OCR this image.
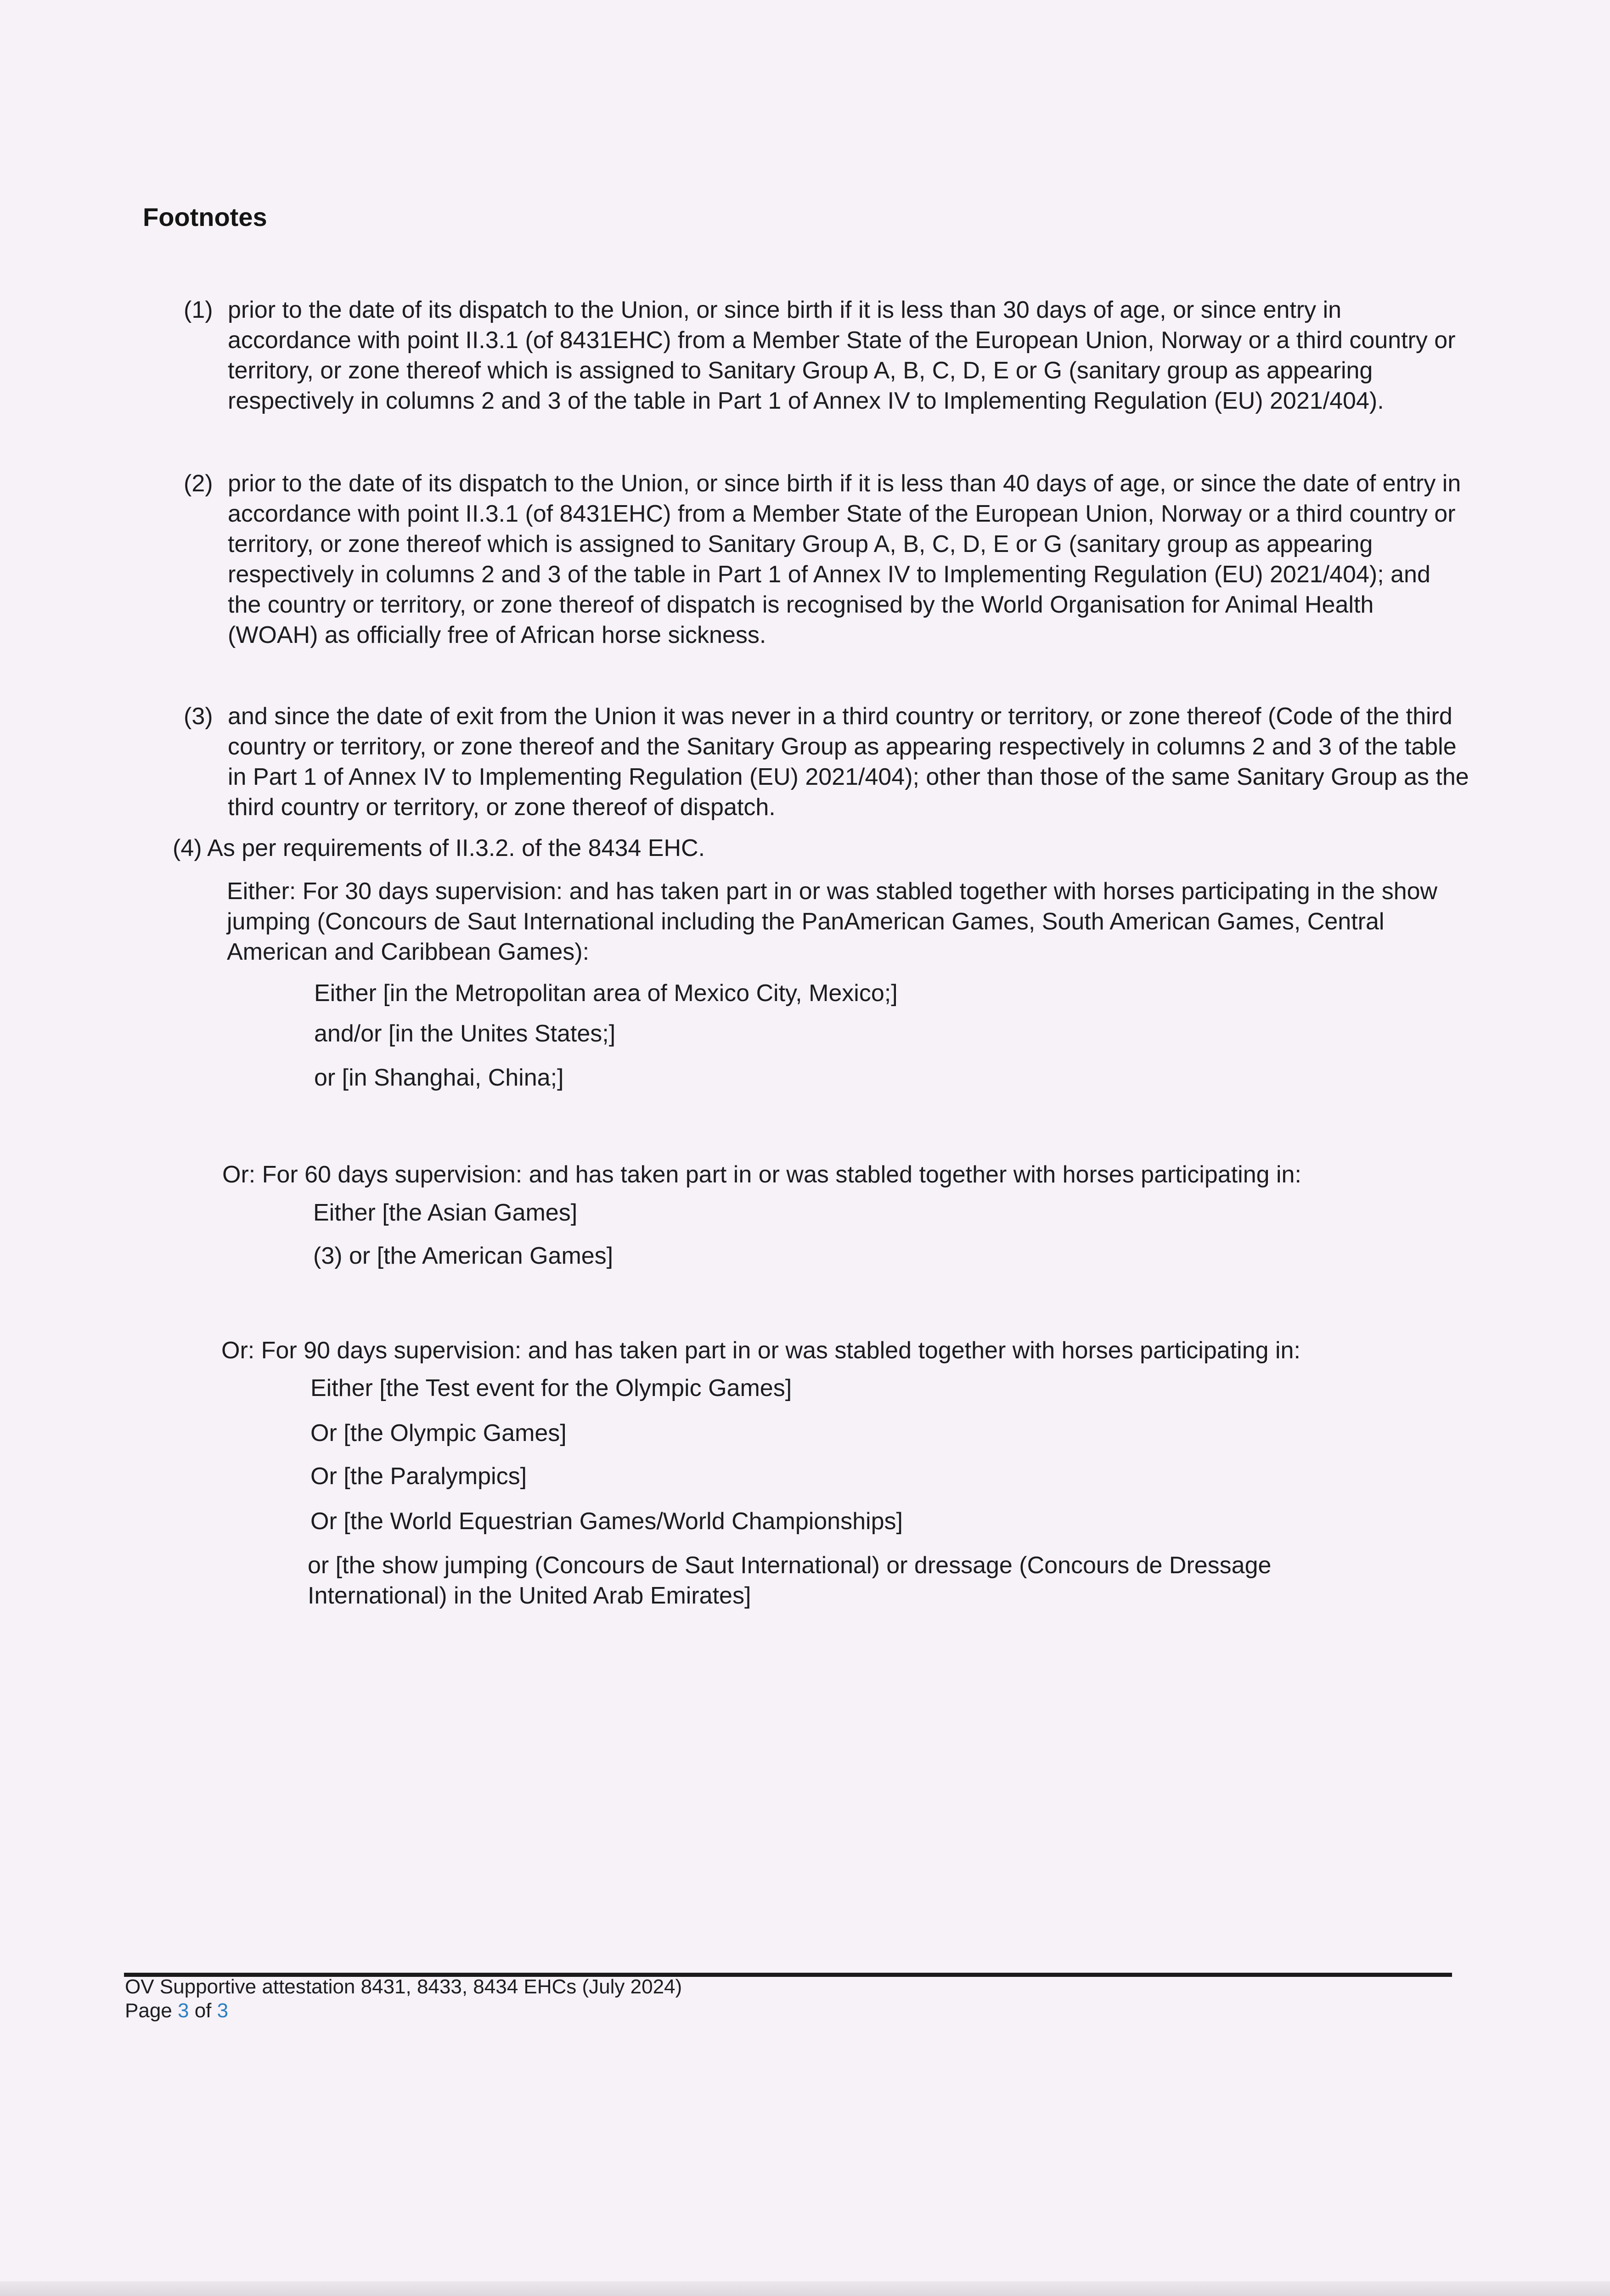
Footnotes
(1) prior to the date of its dispatch to the Union, or since birth if it is less than 30 days of age, or since entry in accordance with point II.3.1 (of 8431EHC) from a Member State of the European Union, Norway or a third country or territory, or zone thereof which is assigned to Sanitary Group A, B, C, D, E or G (sanitary group as appearing respectively in columns 2 and 3 of the table in Part 1 of Annex IV to Implementing Regulation (EU) 2021/404).
(2) prior to the date of its dispatch to the Union, or since birth if it is less than 40 days of age, or since the date of entry in accordance with point II.3.1 (of 8431EHC) from a Member State of the European Union, Norway or a third country or territory, or zone thereof which is assigned to Sanitary Group A, B, C, D, E or G (sanitary group as appearing respectively in columns 2 and 3 of the table in Part 1 of Annex IV to Implementing Regulation (EU) 2021/404); and the country or territory, or zone thereof of dispatch is recognised by the World Organisation for Animal Health (WOAH) as officially free of African horse sickness.
(3) and since the date of exit from the Union it was never in a third country or territory, or zone thereof (Code of the third country or territory, or zone thereof and the Sanitary Group as appearing respectively in columns 2 and 3 of the table in Part 1 of Annex IV to Implementing Regulation (EU) 2021/404); other than those of the same Sanitary Group as the third country or territory, or zone thereof of dispatch.
(4) As per requirements of II.3.2. of the 8434 EHC.
Either: For 30 days supervision: and has taken part in or was stabled together with horses participating in the show jumping (Concours de Saut International including the PanAmerican Games, South American Games, Central American and Caribbean Games):
Either [in the Metropolitan area of Mexico City, Mexico;]
and/or [in the Unites States;]
or [in Shanghai, China;]
Or: For 60 days supervision: and has taken part in or was stabled together with horses participating in:
Either [the Asian Games]
(3) or [the American Games]
Or: For 90 days supervision: and has taken part in or was stabled together with horses participating in:
Either [the Test event for the Olympic Games]
Or [the Olympic Games]
Or [the Paralympics]
Or [the World Equestrian Games/World Championships]
or [the show jumping (Concours de Saut International) or dressage (Concours de Dressage International) in the United Arab Emirates]
OV Supportive attestation 8431, 8433, 8434 EHCs (July 2024)
Page 3 of 3
